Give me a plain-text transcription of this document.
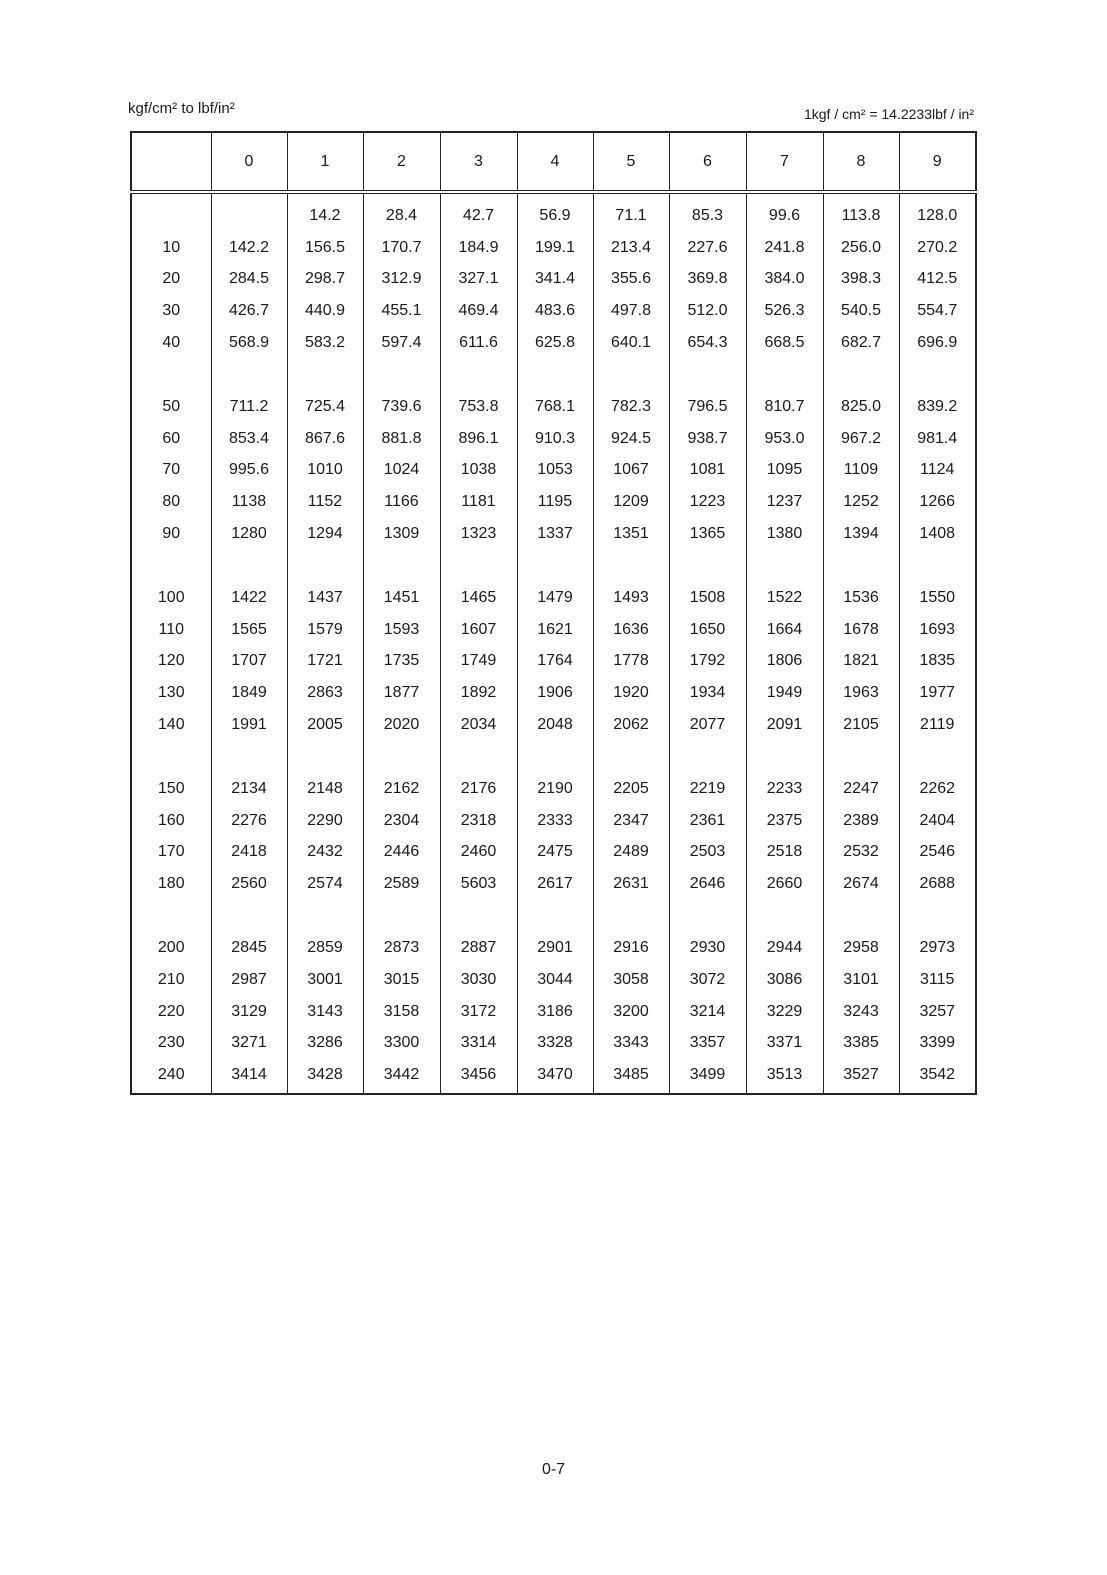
kgf/cm² to lbf/in²	1kgf / cm² = 14.2233lbf / in²
	0	1	2	3	4	5	6	7	8	9
		14.2	28.4	42.7	56.9	71.1	85.3	99.6	113.8	128.0
10	142.2	156.5	170.7	184.9	199.1	213.4	227.6	241.8	256.0	270.2
20	284.5	298.7	312.9	327.1	341.4	355.6	369.8	384.0	398.3	412.5
30	426.7	440.9	455.1	469.4	483.6	497.8	512.0	526.3	540.5	554.7
40	568.9	583.2	597.4	611.6	625.8	640.1	654.3	668.5	682.7	696.9

50	711.2	725.4	739.6	753.8	768.1	782.3	796.5	810.7	825.0	839.2
60	853.4	867.6	881.8	896.1	910.3	924.5	938.7	953.0	967.2	981.4
70	995.6	1010	1024	1038	1053	1067	1081	1095	1109	1124
80	1138	1152	1166	1181	1195	1209	1223	1237	1252	1266
90	1280	1294	1309	1323	1337	1351	1365	1380	1394	1408

100	1422	1437	1451	1465	1479	1493	1508	1522	1536	1550
110	1565	1579	1593	1607	1621	1636	1650	1664	1678	1693
120	1707	1721	1735	1749	1764	1778	1792	1806	1821	1835
130	1849	2863	1877	1892	1906	1920	1934	1949	1963	1977
140	1991	2005	2020	2034	2048	2062	2077	2091	2105	2119

150	2134	2148	2162	2176	2190	2205	2219	2233	2247	2262
160	2276	2290	2304	2318	2333	2347	2361	2375	2389	2404
170	2418	2432	2446	2460	2475	2489	2503	2518	2532	2546
180	2560	2574	2589	5603	2617	2631	2646	2660	2674	2688

200	2845	2859	2873	2887	2901	2916	2930	2944	2958	2973
210	2987	3001	3015	3030	3044	3058	3072	3086	3101	3115
220	3129	3143	3158	3172	3186	3200	3214	3229	3243	3257
230	3271	3286	3300	3314	3328	3343	3357	3371	3385	3399
240	3414	3428	3442	3456	3470	3485	3499	3513	3527	3542
0-7
